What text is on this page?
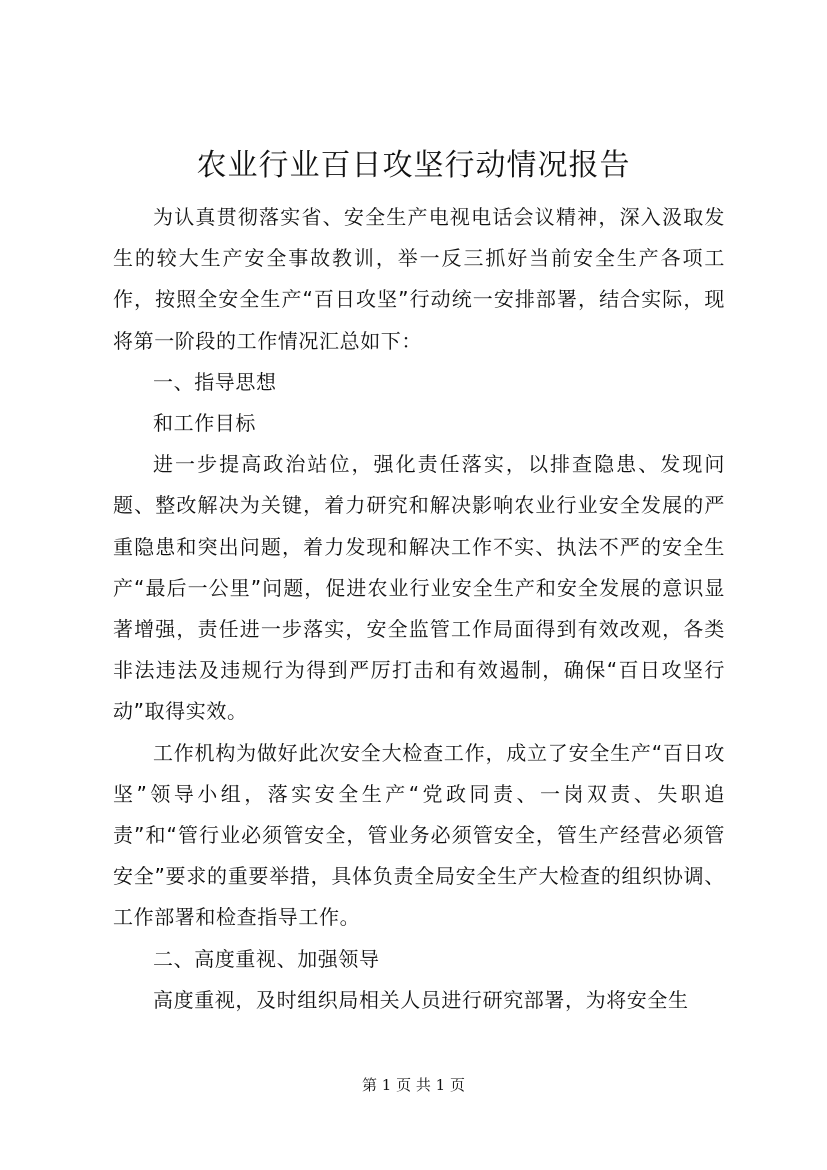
农业行业百日攻坚行动情况报告

为认真贯彻落实省、安全生产电视电话会议精神，深入汲取发生的较大生产安全事故教训，举一反三抓好当前安全生产各项工作，按照全安全生产“百日攻坚”行动统一安排部署，结合实际，现将第一阶段的工作情况汇总如下：

一、指导思想

和工作目标

进一步提高政治站位，强化责任落实，以排查隐患、发现问题、整改解决为关键，着力研究和解决影响农业行业安全发展的严重隐患和突出问题，着力发现和解决工作不实、执法不严的安全生产“最后一公里”问题，促进农业行业安全生产和安全发展的意识显著增强，责任进一步落实，安全监管工作局面得到有效改观，各类非法违法及违规行为得到严厉打击和有效遏制，确保“百日攻坚行动”取得实效。

工作机构为做好此次安全大检查工作，成立了安全生产“百日攻坚”领导小组，落实安全生产“党政同责、一岗双责、失职追责”和“管行业必须管安全，管业务必须管安全，管生产经营必须管安全”要求的重要举措，具体负责全局安全生产大检查的组织协调、工作部署和检查指导工作。

二、高度重视、加强领导

高度重视，及时组织局相关人员进行研究部署，为将安全生

第 1 页 共 1 页
